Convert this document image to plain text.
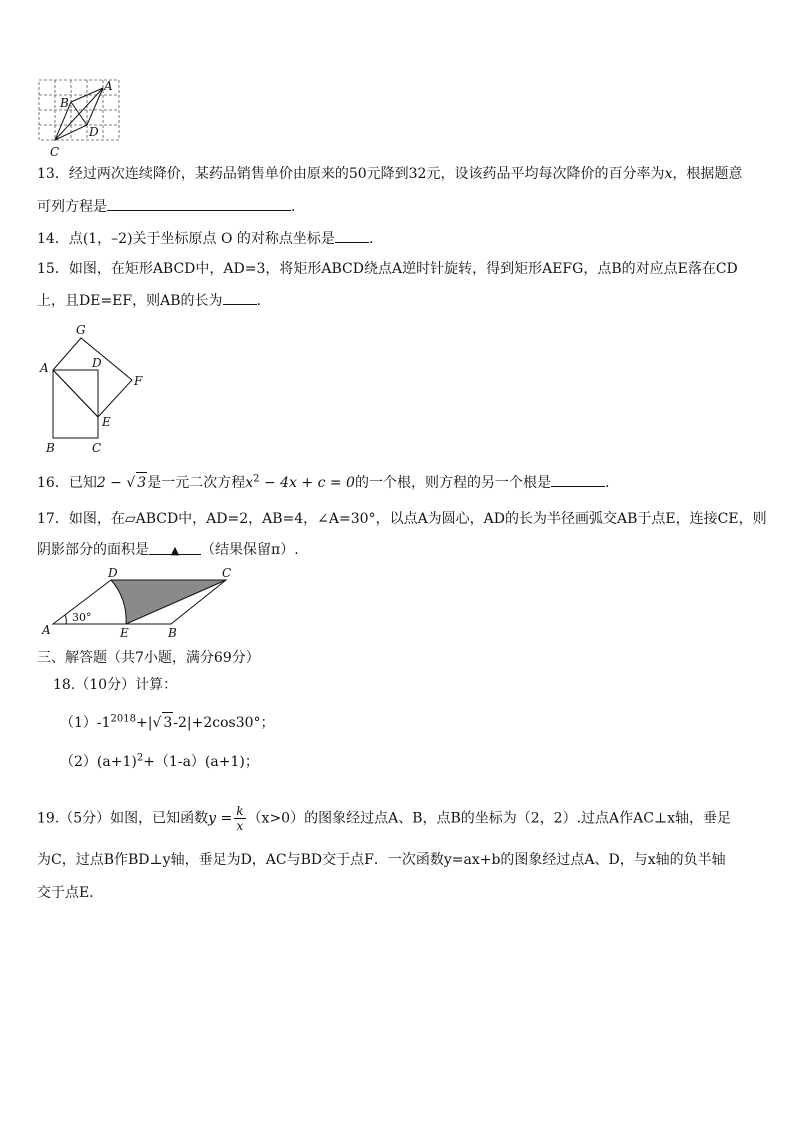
A
B
D
C
13．经过两次连续降价，某药品销售单价由原来的50元降到32元，设该药品平均每次降价的百分率为x，根据题意
可列方程是	.
14．点(1，–2)关于坐标原点 O 的对称点坐标是 .
15．如图，在矩形ABCD中，AD=3，将矩形ABCD绕点A逆时针旋转，得到矩形AEFG，点B的对应点E落在CD
上，且DE=EF，则AB的长为 .
G
A	D
F
E
B	C
16．已知2 − √ 3是一元二次方程$x^2 - 4x + c = 0$的一个根，则方程的另一个根是	.
17．如图，在▱ABCD中，AD=2，AB=4，∠A=30°，以点A为圆心，AD的长为半径画弧交AB于点E，连接CE，则
阴影部分的面积是 ▲ （结果保留π）.
D	C
A	E	B
30°
三、解答题（共7小题，满分69分）
18.（10分）计算：
$(1)-1^{2018}+|√$ 3-2|+2cos30°；
$(2)(a+1)^2+(1-a)(a+1)$；
19.（5分）如图，已知函数$y = \frac{k}{x} (x>0)$的图象经过点A、B，点B的坐标为（2，2）.过点A作AC⊥x轴，垂足
为C，过点B作BD⊥y轴，垂足为D，AC与BD交于点F．一次函数y=ax+b的图象经过点A、D，与x轴的负半轴
交于点E．
